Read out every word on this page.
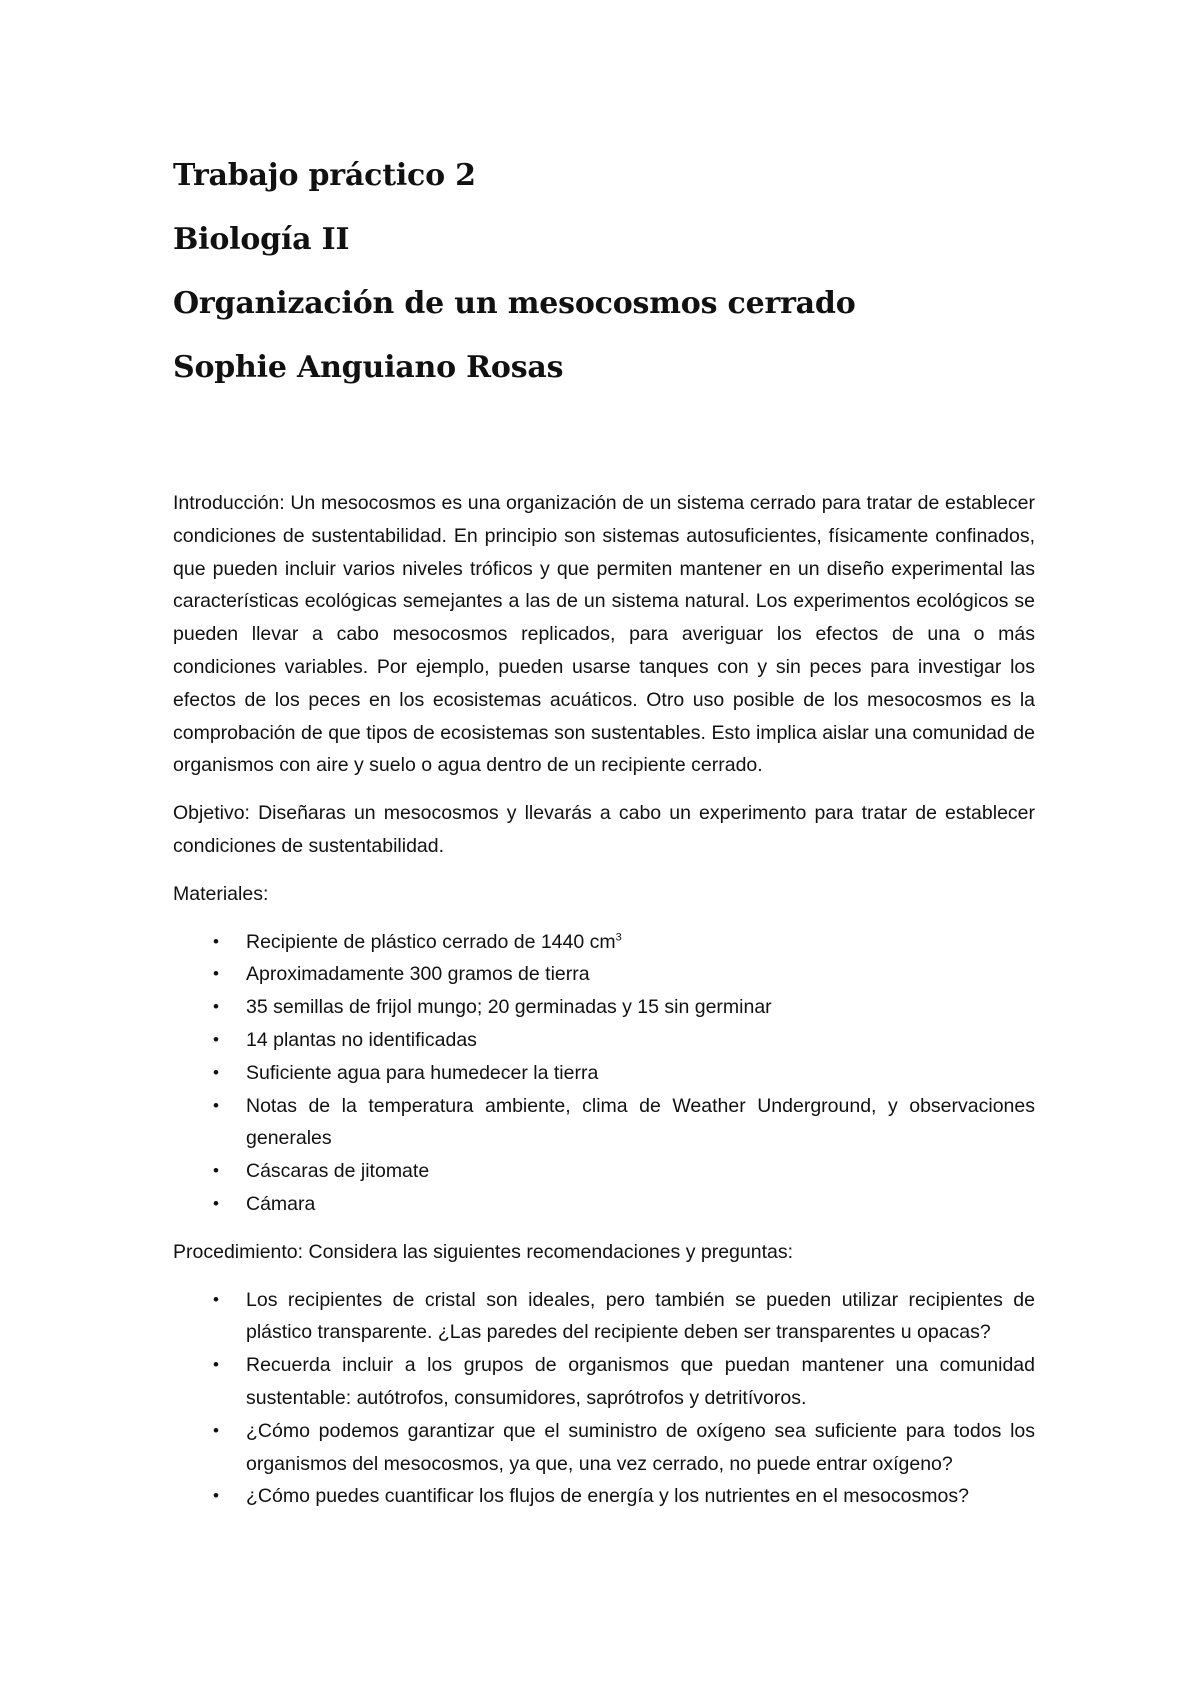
Trabajo práctico 2
Biología II
Organización de un mesocosmos cerrado
Sophie Anguiano Rosas

Introducción: Un mesocosmos es una organización de un sistema cerrado para tratar de establecer condiciones de sustentabilidad. En principio son sistemas autosuficientes, físicamente confinados, que pueden incluir varios niveles tróficos y que permiten mantener en un diseño experimental las características ecológicas semejantes a las de un sistema natural. Los experimentos ecológicos se pueden llevar a cabo mesocosmos replicados, para averiguar los efectos de una o más condiciones variables. Por ejemplo, pueden usarse tanques con y sin peces para investigar los efectos de los peces en los ecosistemas acuáticos. Otro uso posible de los mesocosmos es la comprobación de que tipos de ecosistemas son sustentables. Esto implica aislar una comunidad de organismos con aire y suelo o agua dentro de un recipiente cerrado.

Objetivo: Diseñaras un mesocosmos y llevarás a cabo un experimento para tratar de establecer condiciones de sustentabilidad.

Materiales:

• Recipiente de plástico cerrado de 1440 $cm^3$
• Aproximadamente 300 gramos de tierra
• 35 semillas de frijol mungo; 20 germinadas y 15 sin germinar
• 14 plantas no identificadas
• Suficiente agua para humedecer la tierra
• Notas de la temperatura ambiente, clima de Weather Underground, y observaciones generales
• Cáscaras de jitomate
• Cámara

Procedimiento: Considera las siguientes recomendaciones y preguntas:

• Los recipientes de cristal son ideales, pero también se pueden utilizar recipientes de plástico transparente. ¿Las paredes del recipiente deben ser transparentes u opacas?
• Recuerda incluir a los grupos de organismos que puedan mantener una comunidad sustentable: autótrofos, consumidores, saprótrofos y detritívoros.
• ¿Cómo podemos garantizar que el suministro de oxígeno sea suficiente para todos los organismos del mesocosmos, ya que, una vez cerrado, no puede entrar oxígeno?
• ¿Cómo puedes cuantificar los flujos de energía y los nutrientes en el mesocosmos?
